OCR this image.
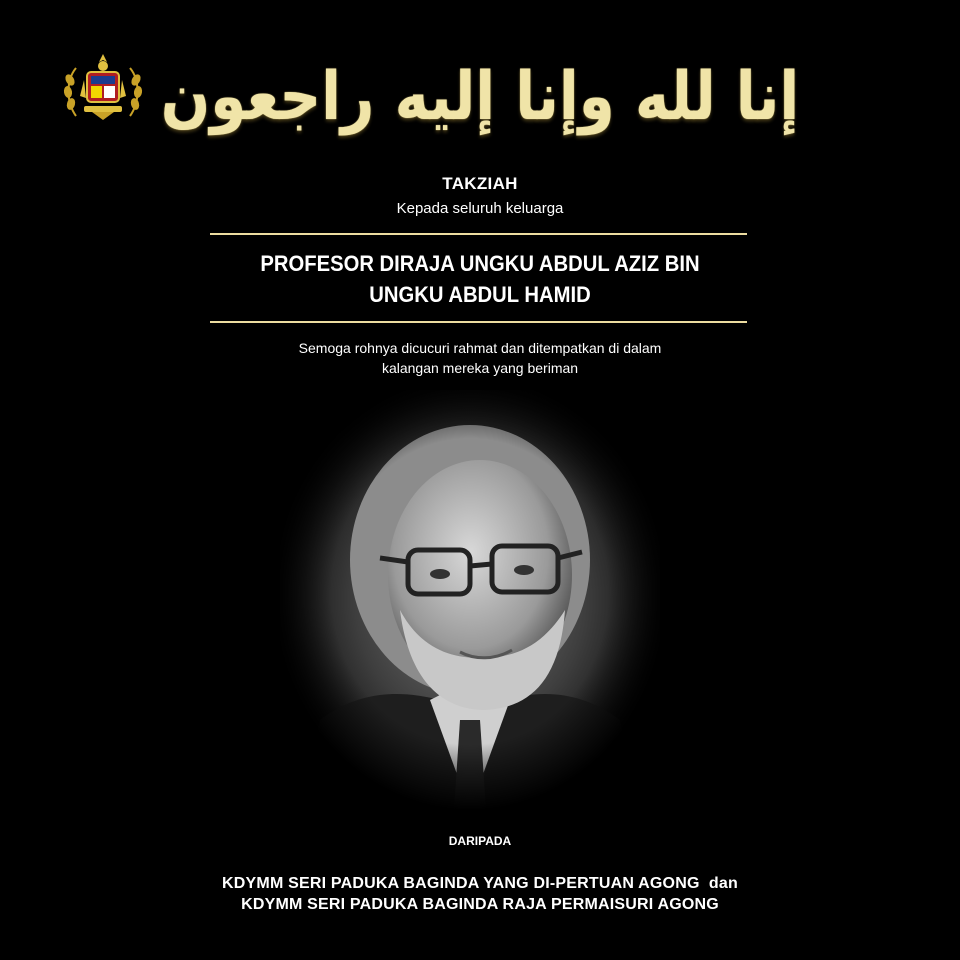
إنا لله وإنا إليه راجعون
TAKZIAH
Kepada seluruh keluarga
PROFESOR DIRAJA UNGKU ABDUL AZIZ BIN
UNGKU ABDUL HAMID
Semoga rohnya dicucuri rahmat dan ditempatkan di dalam
kalangan mereka yang beriman
DARIPADA
KDYMM SERI PADUKA BAGINDA YANG DI-PERTUAN AGONG  dan
KDYMM SERI PADUKA BAGINDA RAJA PERMAISURI AGONG
